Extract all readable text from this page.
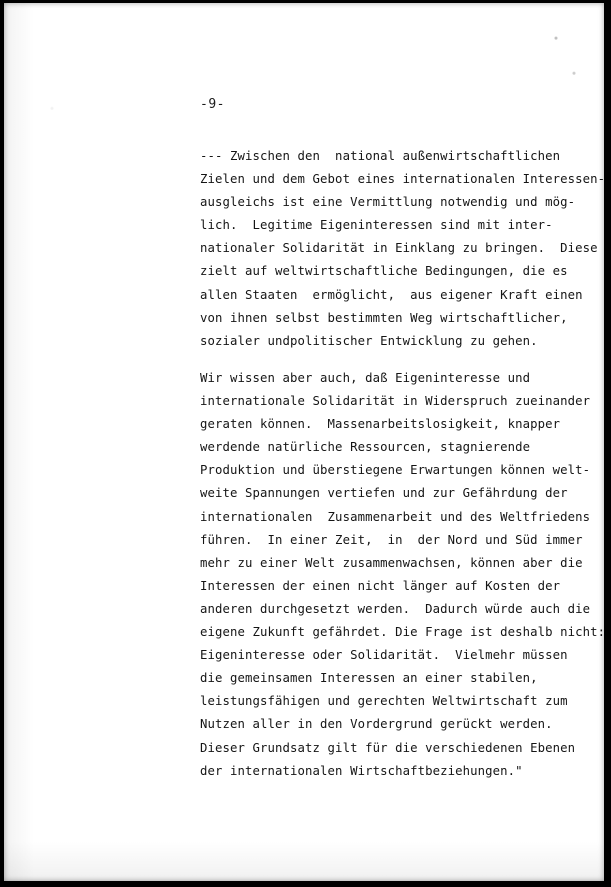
-9-

--- Zwischen den  national außenwirtschaftlichen
Zielen und dem Gebot eines internationalen Interessen-
ausgleichs ist eine Vermittlung notwendig und mög-
lich.  Legitime Eigeninteressen sind mit inter-
nationaler Solidarität in Einklang zu bringen.  Diese
zielt auf weltwirtschaftliche Bedingungen, die es
allen Staaten  ermöglicht,  aus eigener Kraft einen
von ihnen selbst bestimmten Weg wirtschaftlicher,
sozialer undpolitischer Entwicklung zu gehen.

Wir wissen aber auch, daß Eigeninteresse und
internationale Solidarität in Widerspruch zueinander
geraten können.  Massenarbeitslosigkeit, knapper
werdende natürliche Ressourcen, stagnierende
Produktion und überstiegene Erwartungen können welt-
weite Spannungen vertiefen und zur Gefährdung der
internationalen  Zusammenarbeit und des Weltfriedens
führen.  In einer Zeit,  in  der Nord und Süd immer
mehr zu einer Welt zusammenwachsen, können aber die
Interessen der einen nicht länger auf Kosten der
anderen durchgesetzt werden.  Dadurch würde auch die
eigene Zukunft gefährdet. Die Frage ist deshalb nicht:
Eigeninteresse oder Solidarität.  Vielmehr müssen
die gemeinsamen Interessen an einer stabilen,
leistungsfähigen und gerechten Weltwirtschaft zum
Nutzen aller in den Vordergrund gerückt werden.
Dieser Grundsatz gilt für die verschiedenen Ebenen
der internationalen Wirtschaftbeziehungen."
